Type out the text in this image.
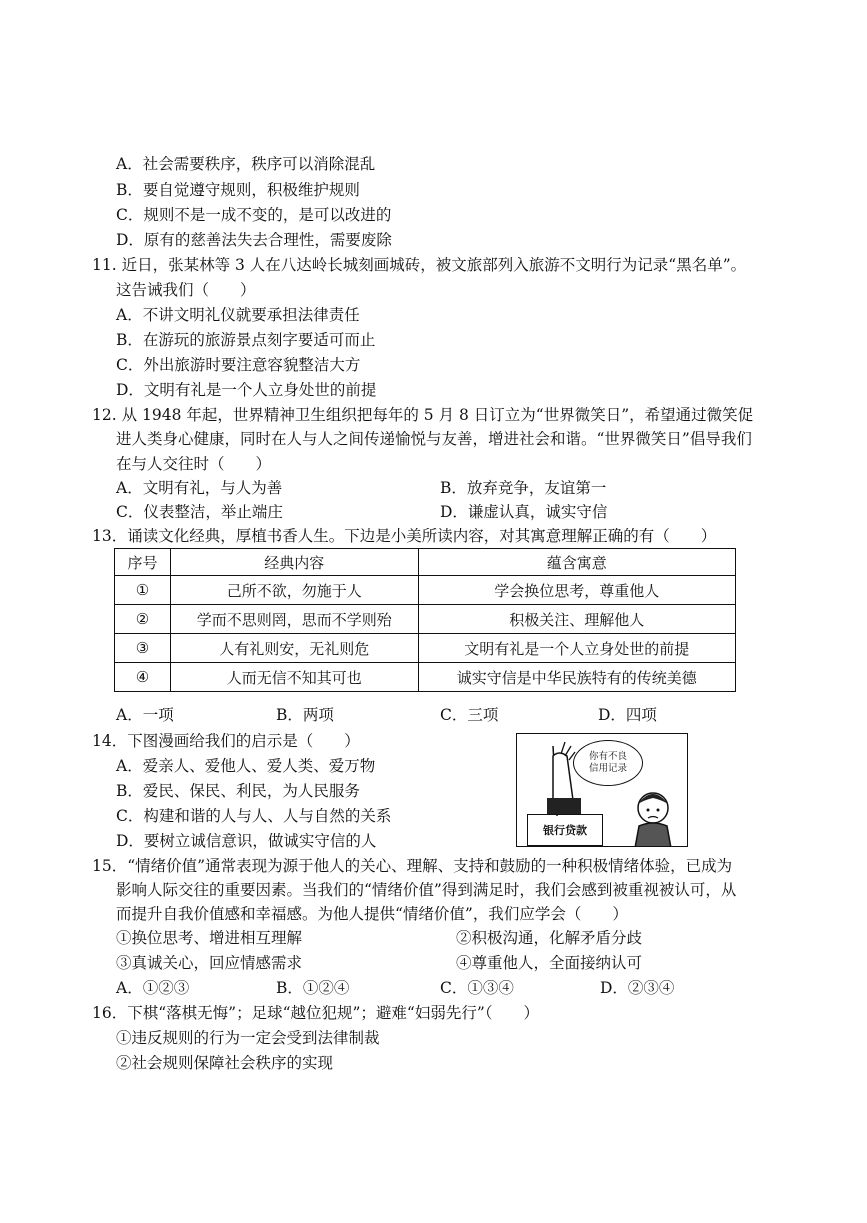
A．社会需要秩序，秩序可以消除混乱
B．要自觉遵守规则，积极维护规则
C．规则不是一成不变的，是可以改进的
D．原有的慈善法失去合理性，需要废除
11. 近日，张某林等 3 人在八达岭长城刻画城砖，被文旅部列入旅游不文明行为记录“黑名单”。
这告诫我们（　　）
A．不讲文明礼仪就要承担法律责任
B．在游玩的旅游景点刻字要适可而止
C．外出旅游时要注意容貌整洁大方
D．文明有礼是一个人立身处世的前提
12. 从 1948 年起，世界精神卫生组织把每年的 5 月 8 日订立为“世界微笑日”，希望通过微笑促
进人类身心健康，同时在人与人之间传递愉悦与友善，增进社会和谐。“世界微笑日”倡导我们
在与人交往时（　　）
A．文明有礼，与人为善	B．放弃竞争，友谊第一
C．仪表整洁，举止端庄	D．谦虚认真，诚实守信
13．诵读文化经典，厚植书香人生。下边是小美所读内容，对其寓意理解正确的有（　　）
序号	经典内容	蕴含寓意
①	己所不欲，勿施于人	学会换位思考，尊重他人
②	学而不思则罔，思而不学则殆	积极关注、理解他人
③	人有礼则安，无礼则危	文明有礼是一个人立身处世的前提
④	人而无信不知其可也	诚实守信是中华民族特有的传统美德
A．一项	B．两项	C．三项	D．四项
14．下图漫画给我们的启示是（　　）
A．爱亲人、爱他人、爱人类、爱万物
B．爱民、保民、利民，为人民服务
C．构建和谐的人与人、人与自然的关系
D．要树立诚信意识，做诚实守信的人
你有不良
信用记录
银行贷款
15．“情绪价值”通常表现为源于他人的关心、理解、支持和鼓励的一种积极情绪体验，已成为
影响人际交往的重要因素。当我们的“情绪价值”得到满足时，我们会感到被重视被认可，从
而提升自我价值感和幸福感。为他人提供“情绪价值”，我们应学会（　　）
①换位思考、增进相互理解	②积极沟通，化解矛盾分歧
③真诚关心，回应情感需求	④尊重他人，全面接纳认可
A．①②③	B．①②④	C．①③④	D．②③④
16．下棋“落棋无悔”；足球“越位犯规”；避难“妇弱先行”（　　）
①违反规则的行为一定会受到法律制裁
②社会规则保障社会秩序的实现
